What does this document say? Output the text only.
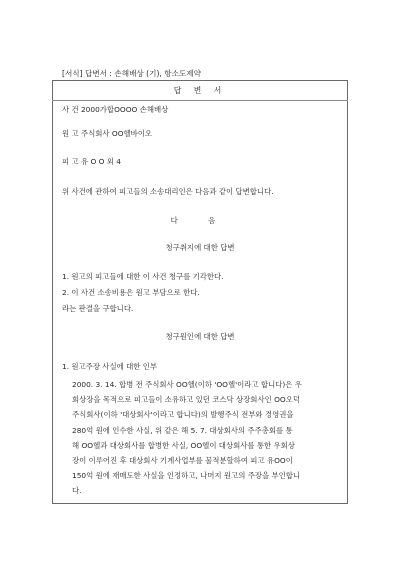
[서식] 답변서 : 손해배상 (기), 항소도제약
답 변 서
사 건 2000가합OOOO 손해배상
원 고 주식회사 OO헬바이오
피 고 유 O O 외 4
위 사건에 관하여 피고들의 소송대리인은 다음과 같이 답변합니다.
다 음
청구취지에 대한 답변
1. 원고의 피고들에 대한 이 사건 청구를 기각한다.
2. 이 사건 소송비용은 원고 부담으로 한다.
라는 판결을 구합니다.
청구원인에 대한 답변
1. 원고주장 사실에 대한 인부
2000. 3. 14. 합병 전 주식회사 OO헬(이하 'OO헬'이라고 합니다)은 우
회상장을 목적으로 피고들이 소유하고 있던 코스닥 상장회사인 OO오덕
주식회사(이하 '대상회사'이라고 합니다)의 발행주식 전부와 경영권을
280억 원에 인수한 사실, 위 같은 해 5. 7. 대상회사의 주주총회를 통
해 OO헬과 대상회사를 합병한 사실, OO헬이 대상회사를 통한 우회상
장이 이루어진 후 대상회사 기계사업부를 물적분할하여 피고 유OO이
150억 원에 재매도한 사실을 인정하고, 나머지 원고의 주장을 부인합니
다.
